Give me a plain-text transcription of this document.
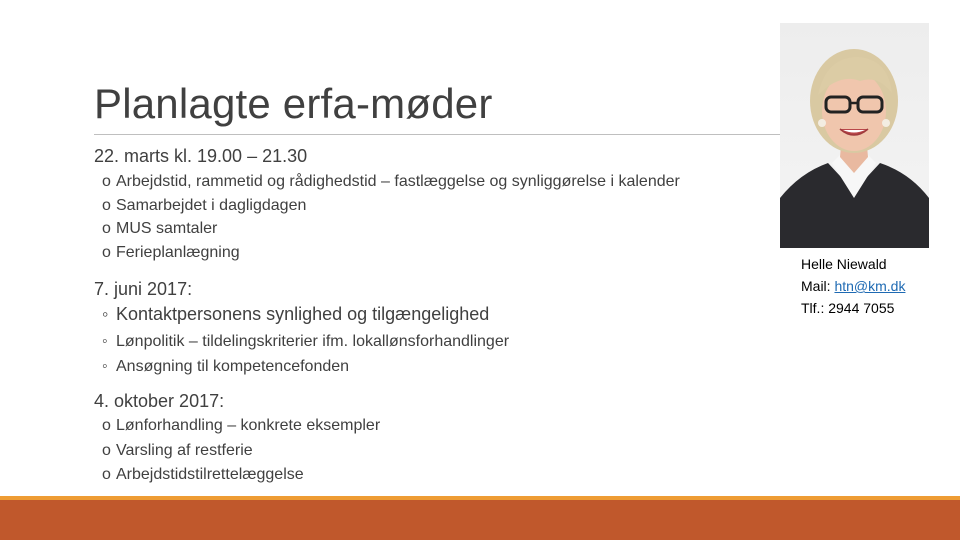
Planlagte erfa-møder

22. marts kl. 19.00 – 21.30

o Arbejdstid, rammetid og rådighedstid – fastlæggelse og synliggørelse i kalender
o Samarbejdet i dagligdagen
o MUS samtaler
o Ferieplanlægning

7. juni 2017:

◦ Kontaktpersonens synlighed og tilgængelighed
◦ Lønpolitik – tildelingskriterier ifm. lokallønsforhandlinger
◦ Ansøgning til kompetencefonden

4. oktober 2017:

o Lønforhandling – konkrete eksempler
o Varsling af restferie
o Arbejdstidstilrettelæggelse
Helle Niewald
Mail: htn@km.dk
Tlf.: 2944 7055
